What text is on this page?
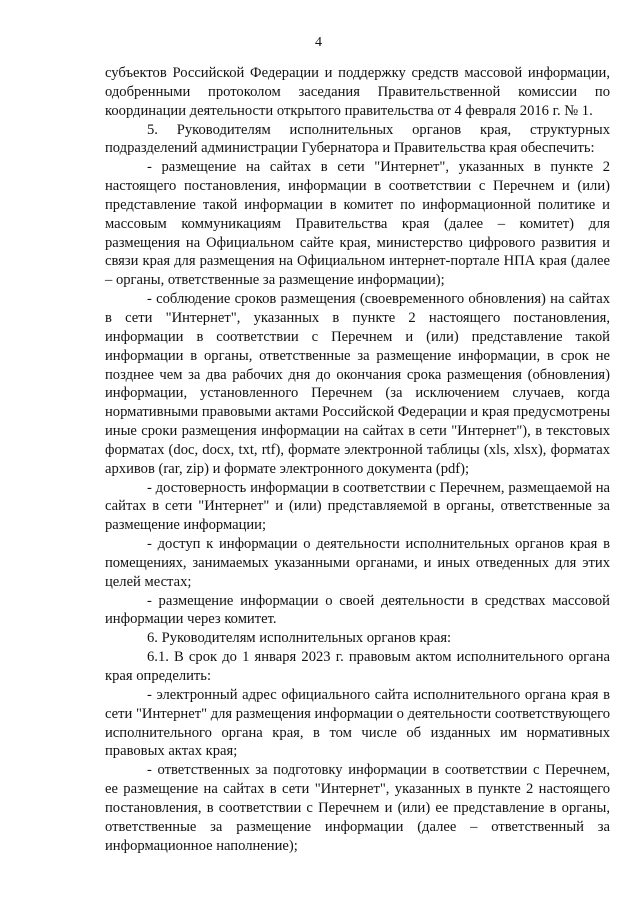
4

субъектов Российской Федерации и поддержку средств массовой информации, одобренными протоколом заседания Правительственной комиссии по координации деятельности открытого правительства от 4 февраля 2016 г. № 1.

5. Руководителям исполнительных органов края, структурных подразделений администрации Губернатора и Правительства края обеспечить:

- размещение на сайтах в сети "Интернет", указанных в пункте 2 настоящего постановления, информации в соответствии с Перечнем и (или) представление такой информации в комитет по информационной политике и массовым коммуникациям Правительства края (далее – комитет) для размещения на Официальном сайте края, министерство цифрового развития и связи края для размещения на Официальном интернет-портале НПА края (далее – органы, ответственные за размещение информации);

- соблюдение сроков размещения (своевременного обновления) на сайтах в сети "Интернет", указанных в пункте 2 настоящего постановления, информации в соответствии с Перечнем и (или) представление такой информации в органы, ответственные за размещение информации, в срок не позднее чем за два рабочих дня до окончания срока размещения (обновления) информации, установленного Перечнем (за исключением случаев, когда нормативными правовыми актами Российской Федерации и края предусмотрены иные сроки размещения информации на сайтах в сети "Интернет"), в текстовых форматах (doc, docx, txt, rtf), формате электронной таблицы (xls, xlsx), форматах архивов (rar, zip) и формате электронного документа (pdf);

- достоверность информации в соответствии с Перечнем, размещаемой на сайтах в сети "Интернет" и (или) представляемой в органы, ответственные за размещение информации;

- доступ к информации о деятельности исполнительных органов края в помещениях, занимаемых указанными органами, и иных отведенных для этих целей местах;

- размещение информации о своей деятельности в средствах массовой информации через комитет.

6. Руководителям исполнительных органов края:

6.1. В срок до 1 января 2023 г. правовым актом исполнительного органа края определить:

- электронный адрес официального сайта исполнительного органа края в сети "Интернет" для размещения информации о деятельности соответствующего исполнительного органа края, в том числе об изданных им нормативных правовых актах края;

- ответственных за подготовку информации в соответствии с Перечнем, ее размещение на сайтах в сети "Интернет", указанных в пункте 2 настоящего постановления, в соответствии с Перечнем и (или) ее представление в органы, ответственные за размещение информации (далее – ответственный за информационное наполнение);
